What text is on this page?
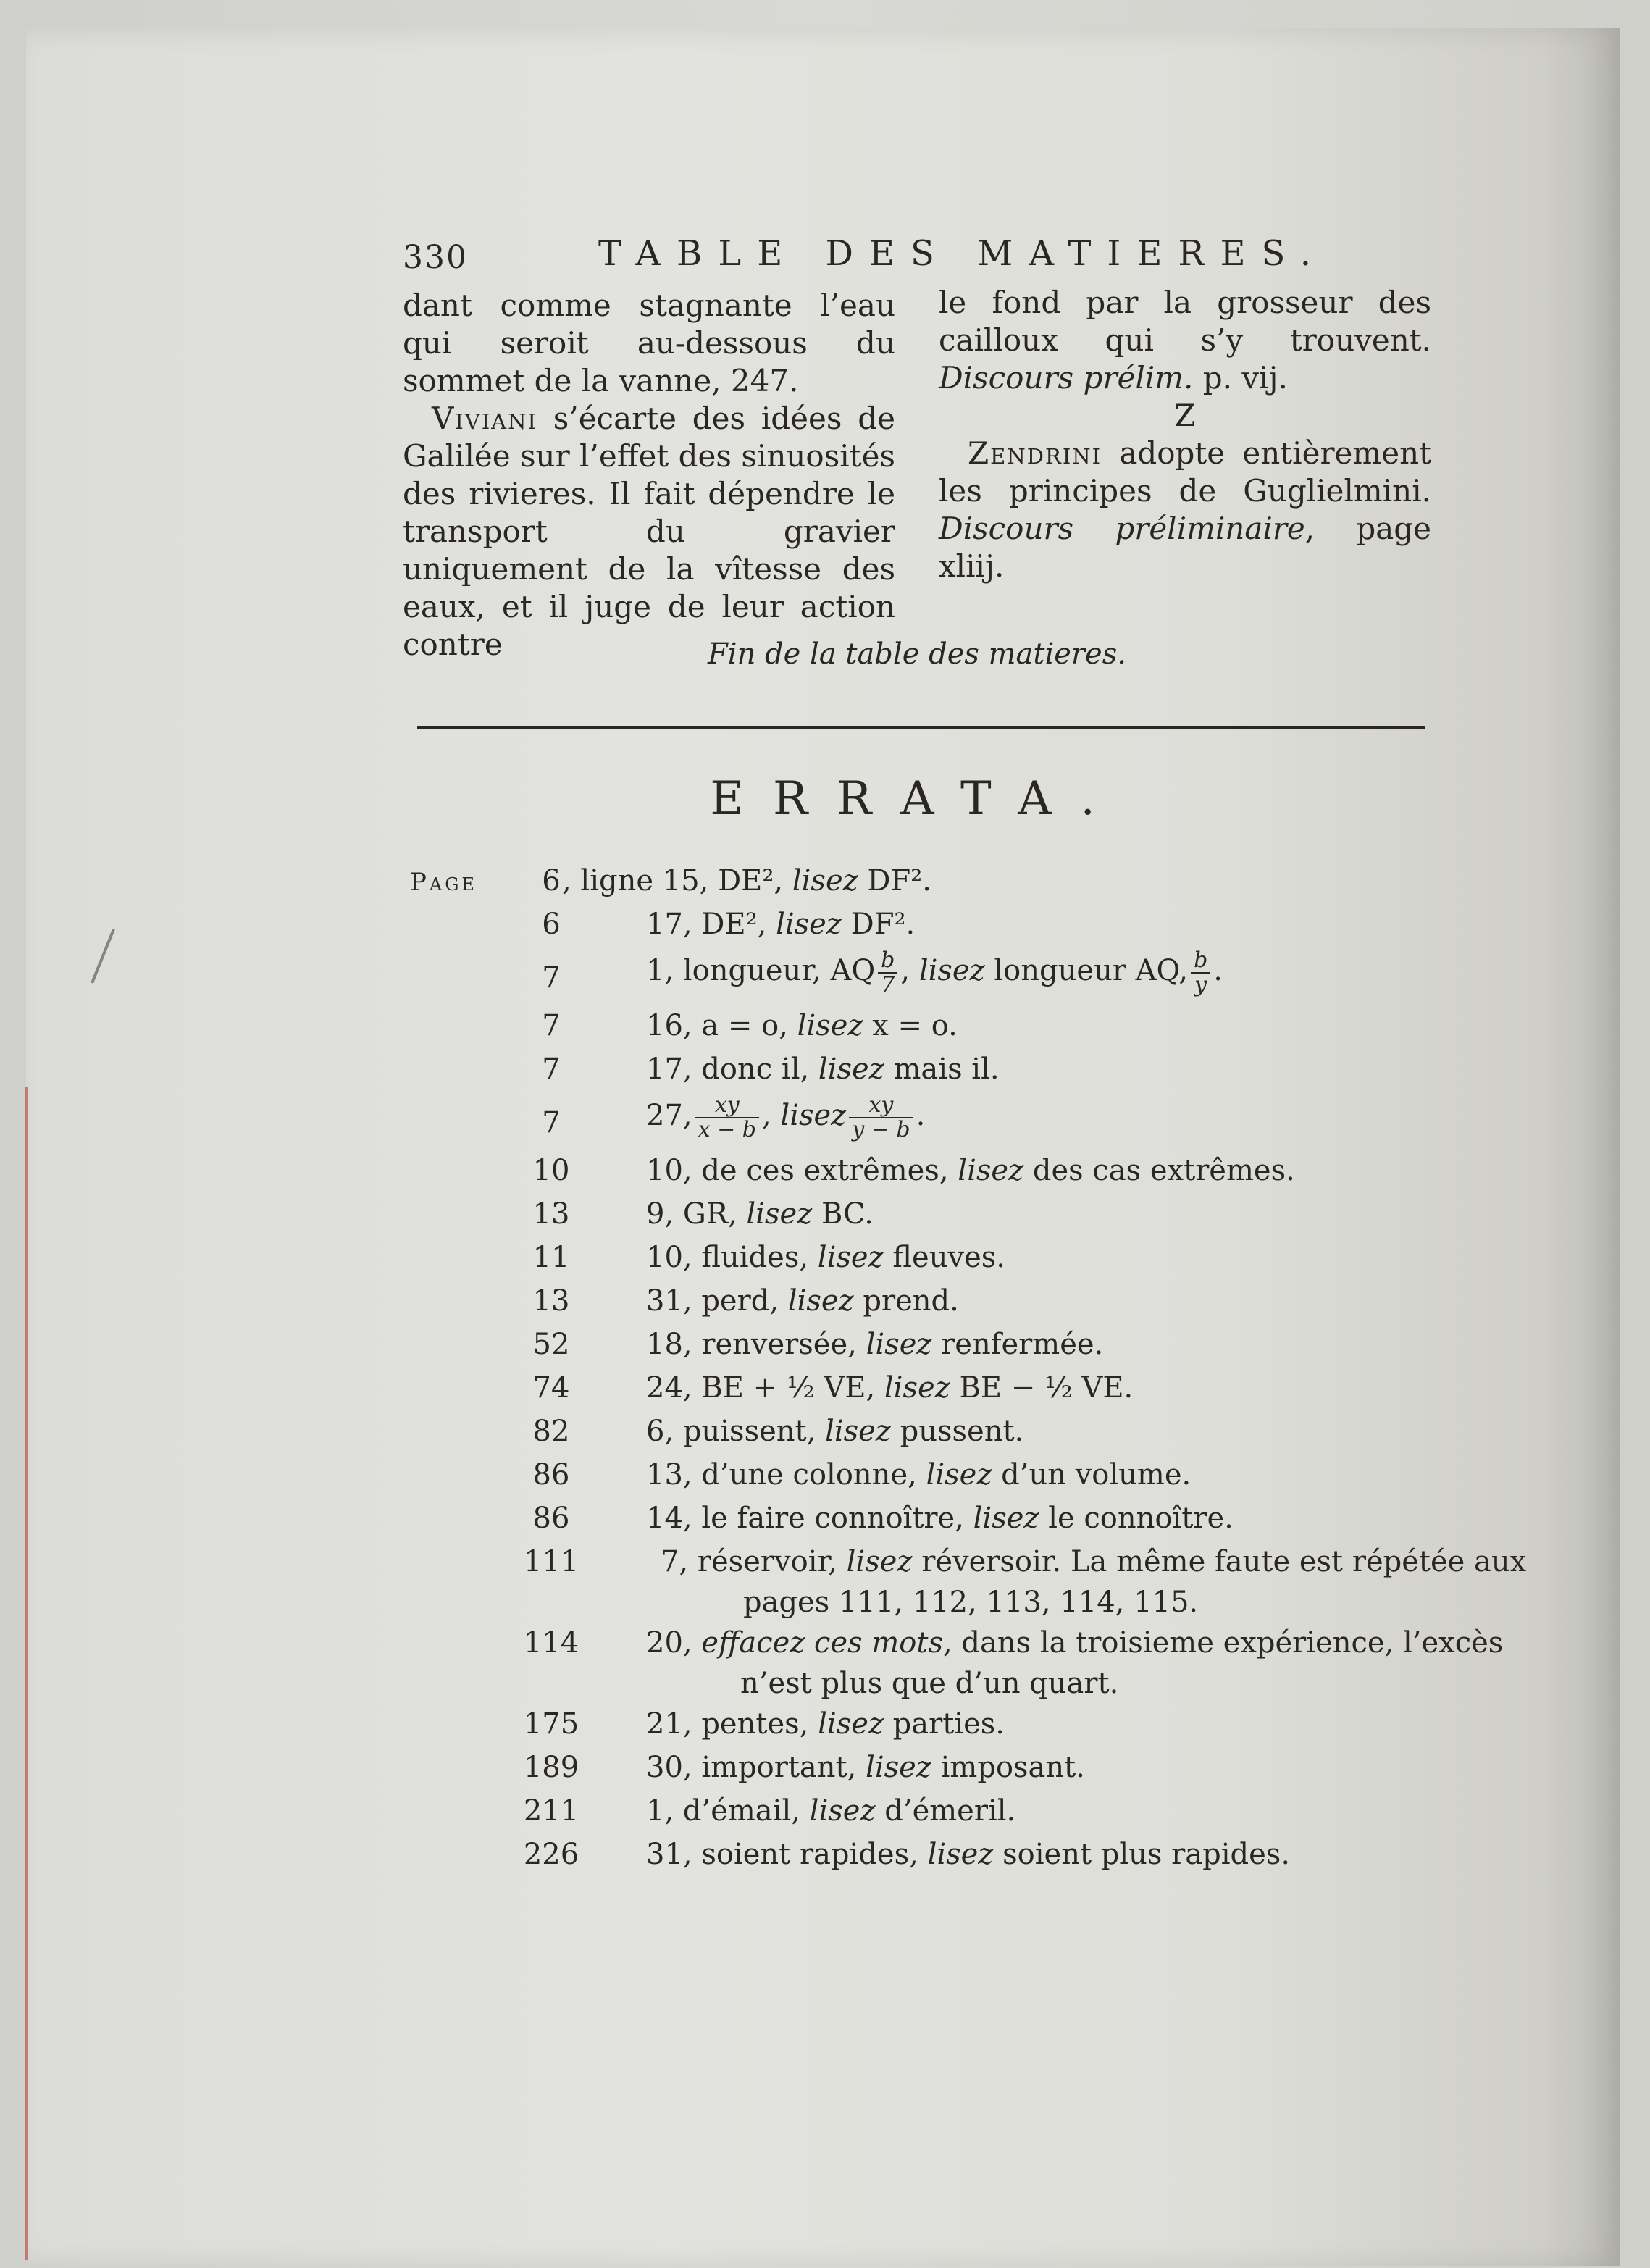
330	TABLE DES MATIERES.

dant comme stagnante l’eau qui seroit au-dessous du sommet de la vanne, 247.

Viviani s’écarte des idées de Galilée sur l’effet des sinuosités des rivieres. Il fait dépendre le transport du gravier uniquement de la vîtesse des eaux, et il juge de leur action contre

le fond par la grosseur des cailloux qui s’y trouvent. Discours prélim. p. vij.

Z

Zendrini adopte entièrement les principes de Guglielmini. Discours préliminaire, page xliij.

Fin de la table des matieres.
ERRATA.
Page	6 , ligne 15, DE², lisez DF².
6	17, DE², lisez DF².
7	1, longueur, AQ $\frac{b}{7}$ , lisez longueur AQ, $\frac{b}{y}$ .
7	16, a = o, lisez x = o.
7	17, donc il, lisez mais il.
7	27, $\frac{xy}{x - b}$ , lisez $\frac{xy}{y - b}$ .
10	10, de ces extrêmes, lisez des cas extrêmes.
13	9, GR, lisez BC.
11	10, fluides, lisez fleuves.
13	31, perd, lisez prend.
52	18, renversée, lisez renfermée.
74	24, BE + ½ VE, lisez BE − ½ VE.
82	6, puissent, lisez pussent.
86	13, d’une colonne, lisez d’un volume.
86	14, le faire connoître, lisez le connoître.
111	7, réservoir, lisez réversoir. La même faute est répétée aux
pages 111, 112, 113, 114, 115.
114	20, effacez ces mots, dans la troisieme expérience, l’excès
n’est plus que d’un quart.
175	21, pentes, lisez parties.
189	30, important, lisez imposant.
211	1, d’émail, lisez d’émeril.
226	31, soient rapides, lisez soient plus rapides.
